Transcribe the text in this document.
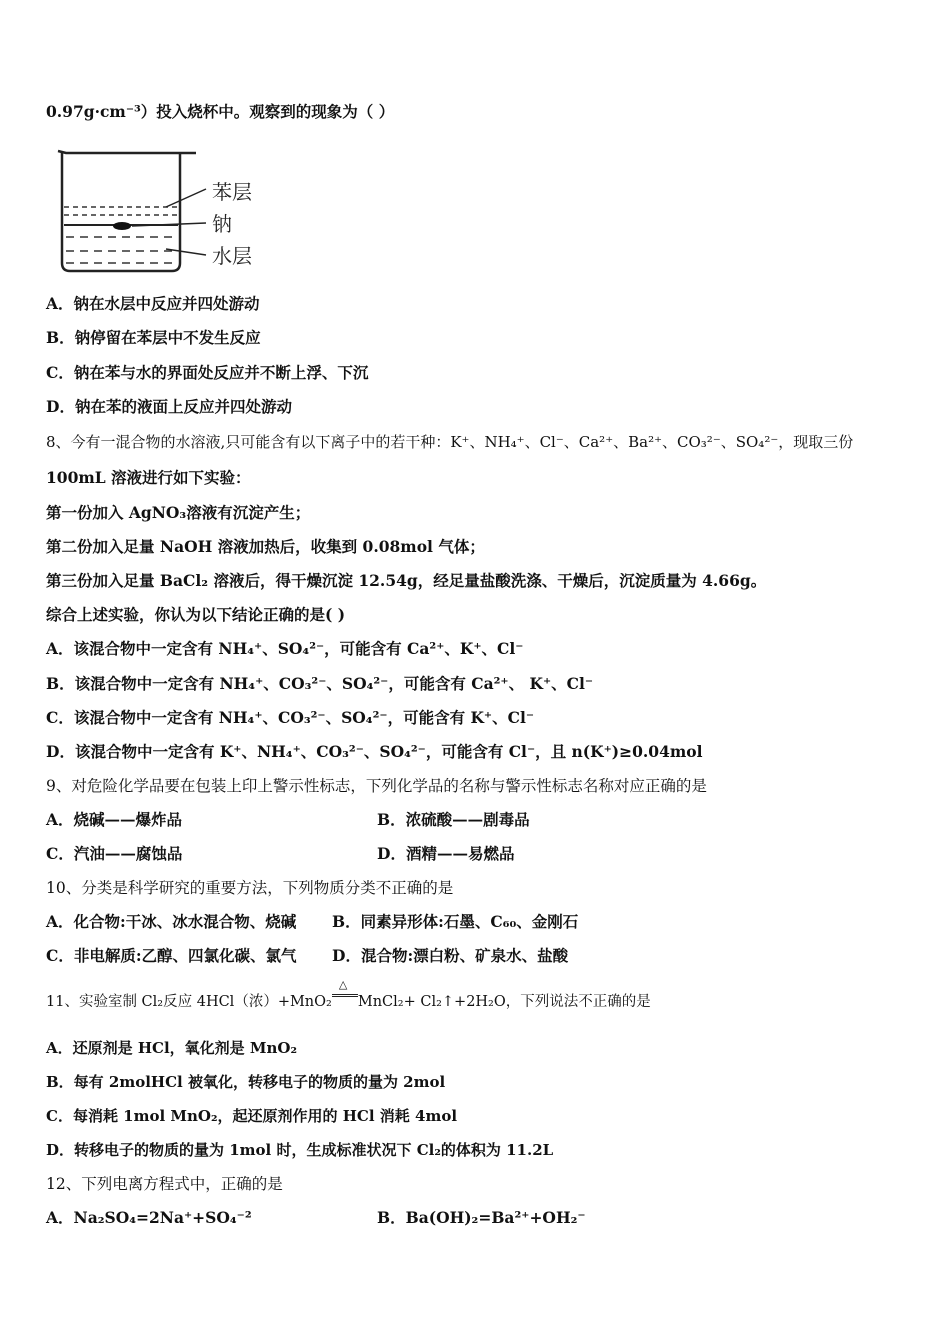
0.97g·cm⁻³）投入烧杯中。观察到的现象为（ ）
苯层
钠
水层
A．钠在水层中反应并四处游动
B．钠停留在苯层中不发生反应
C．钠在苯与水的界面处反应并不断上浮、下沉
D．钠在苯的液面上反应并四处游动
8、今有一混合物的水溶液,只可能含有以下离子中的若干种：K⁺、NH₄⁺、Cl⁻、Ca²⁺、Ba²⁺、CO₃²⁻、SO₄²⁻，现取三份
100mL 溶液进行如下实验：
第一份加入 AgNO₃溶液有沉淀产生；
第二份加入足量 NaOH 溶液加热后，收集到 0.08mol 气体；
第三份加入足量 BaCl₂ 溶液后，得干燥沉淀 12.54g，经足量盐酸洗涤、干燥后，沉淀质量为 4.66g。
综合上述实验，你认为以下结论正确的是( )
A．该混合物中一定含有 NH₄⁺、SO₄²⁻，可能含有 Ca²⁺、K⁺、Cl⁻
B．该混合物中一定含有 NH₄⁺、CO₃²⁻、SO₄²⁻，可能含有 Ca²⁺、 K⁺、Cl⁻
C．该混合物中一定含有 NH₄⁺、CO₃²⁻、SO₄²⁻，可能含有 K⁺、Cl⁻
D．该混合物中一定含有 K⁺、NH₄⁺、CO₃²⁻、SO₄²⁻，可能含有 Cl⁻，且 n(K⁺)≥0.04mol
9、对危险化学品要在包装上印上警示性标志，下列化学品的名称与警示性标志名称对应正确的是
A．烧碱——爆炸品	B．浓硫酸——剧毒品
C．汽油——腐蚀品	D．酒精——易燃品
10、分类是科学研究的重要方法，下列物质分类不正确的是
A．化合物:干冰、冰水混合物、烧碱 B．同素异形体:石墨、C₆₀、金刚石
C．非电解质:乙醇、四氯化碳、氯气 D．混合物:漂白粉、矿泉水、盐酸
11、实验室制 Cl₂反应 4HCl（浓）+MnO₂
△
MnCl₂+ Cl₂↑+2H₂O，下列说法不正确的是
A．还原剂是 HCl，氧化剂是 MnO₂
B．每有 2molHCl 被氧化，转移电子的物质的量为 2mol
C．每消耗 1mol MnO₂，起还原剂作用的 HCl 消耗 4mol
D．转移电子的物质的量为 1mol 时，生成标准状况下 Cl₂的体积为 11.2L
12、下列电离方程式中，正确的是
A．Na₂SO₄=2Na⁺+SO₄⁻²	B．Ba(OH)₂=Ba²⁺+OH₂⁻
